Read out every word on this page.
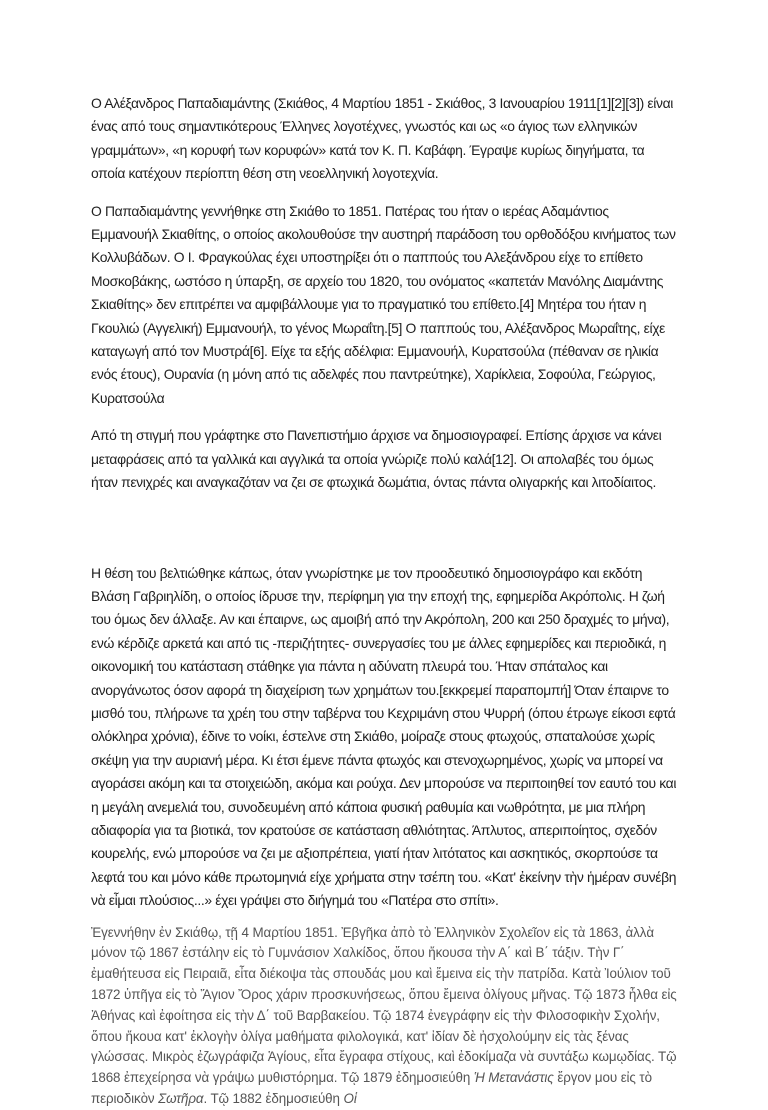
Ο Αλέξανδρος Παπαδιαμάντης (Σκιάθος, 4 Μαρτίου 1851 - Σκιάθος, 3 Ιανουαρίου 1911[1][2][3]) είναι ένας από τους σημαντικότερους Έλληνες λογοτέχνες, γνωστός και ως «ο άγιος των ελληνικών γραμμάτων», «η κορυφή των κορυφών» κατά τον Κ. Π. Καβάφη. Έγραψε κυρίως διηγήματα, τα οποία κατέχουν περίοπτη θέση στη νεοελληνική λογοτεχνία.

Ο Παπαδιαμάντης γεννήθηκε στη Σκιάθο το 1851. Πατέρας του ήταν ο ιερέας Αδαμάντιος Εμμανουήλ Σκιαθίτης, ο οποίος ακολουθούσε την αυστηρή παράδοση του ορθοδόξου κινήματος των Κολλυβάδων. Ο Ι. Φραγκούλας έχει υποστηρίξει ότι ο παππούς του Αλεξάνδρου είχε το επίθετο Μοσκοβάκης, ωστόσο η ύπαρξη, σε αρχείο του 1820, του ονόματος «καπετάν Μανόλης Διαμάντης Σκιαθίτης» δεν επιτρέπει να αμφιβάλλουμε για το πραγματικό του επίθετο.[4] Μητέρα του ήταν η Γκουλιώ (Αγγελική) Εμμανουήλ, το γένος Μωραΐτη.[5] Ο παππούς του, Αλέξανδρος Μωραΐτης, είχε καταγωγή από τον Μυστρά[6]. Είχε τα εξής αδέλφια: Εμμανουήλ, Κυρατσούλα (πέθαναν σε ηλικία ενός έτους), Ουρανία (η μόνη από τις αδελφές που παντρεύτηκε), Χαρίκλεια, Σοφούλα, Γεώργιος, Κυρατσούλα

Από τη στιγμή που γράφτηκε στο Πανεπιστήμιο άρχισε να δημοσιογραφεί. Επίσης άρχισε να κάνει μεταφράσεις από τα γαλλικά και αγγλικά τα οποία γνώριζε πολύ καλά[12]. Οι απολαβές του όμως ήταν πενιχρές και αναγκαζόταν να ζει σε φτωχικά δωμάτια, όντας πάντα ολιγαρκής και λιτοδίαιτος.

Η θέση του βελτιώθηκε κάπως, όταν γνωρίστηκε με τον προοδευτικό δημοσιογράφο και εκδότη Βλάση Γαβριηλίδη, ο οποίος ίδρυσε την, περίφημη για την εποχή της, εφημερίδα Ακρόπολις. Η ζωή του όμως δεν άλλαξε. Αν και έπαιρνε, ως αμοιβή από την Ακρόπολη, 200 και 250 δραχμές το μήνα), ενώ κέρδιζε αρκετά και από τις -περιζήτητες- συνεργασίες του με άλλες εφημερίδες και περιοδικά, η οικονομική του κατάσταση στάθηκε για πάντα η αδύνατη πλευρά του. Ήταν σπάταλος και ανοργάνωτος όσον αφορά τη διαχείριση των χρημάτων του.[εκκρεμεί παραπομπή] Όταν έπαιρνε το μισθό του, πλήρωνε τα χρέη του στην ταβέρνα του Κεχριμάνη στου Ψυρρή (όπου έτρωγε είκοσι εφτά ολόκληρα χρόνια), έδινε το νοίκι, έστελνε στη Σκιάθο, μοίραζε στους φτωχούς, σπαταλούσε χωρίς σκέψη για την αυριανή μέρα. Κι έτσι έμενε πάντα φτωχός και στενοχωρημένος, χωρίς να μπορεί να αγοράσει ακόμη και τα στοιχειώδη, ακόμα και ρούχα. Δεν μπορούσε να περιποιηθεί τον εαυτό του και η μεγάλη ανεμελιά του, συνοδευμένη από κάποια φυσική ραθυμία και νωθρότητα, με μια πλήρη αδιαφορία για τα βιοτικά, τον κρατούσε σε κατάσταση αθλιότητας. Άπλυτος, απεριποίητος, σχεδόν κουρελής, ενώ μπορούσε να ζει με αξιοπρέπεια, γιατί ήταν λιτότατος και ασκητικός, σκορπούσε τα λεφτά του και μόνο κάθε πρωτομηνιά είχε χρήματα στην τσέπη του. «Κατ' ἐκείνην τὴν ἡμέραν συνέβη νὰ εἶμαι πλούσιος...» έχει γράψει στο διήγημά του «Πατέρα στο σπίτι».

Ἐγεννήθην ἐν Σκιάθῳ, τῇ 4 Μαρτίου 1851. Ἐβγῆκα ἀπὸ τὸ Ἑλληνικὸν Σχολεῖον εἰς τὰ 1863, ἀλλὰ μόνον τῷ 1867 ἐστάλην εἰς τὸ Γυμνάσιον Χαλκίδος, ὅπου ἤκουσα τὴν Α΄ καὶ Β΄ τάξιν. Τὴν Γ΄ ἐμαθήτευσα εἰς Πειραιᾶ, εἶτα διέκοψα τὰς σπουδάς μου καὶ ἔμεινα εἰς τὴν πατρίδα. Κατὰ Ἰούλιον τοῦ 1872 ὑπῆγα εἰς τὸ Ἅγιον Ὄρος χάριν προσκυνήσεως, ὅπου ἔμεινα ὀλίγους μῆνας. Τῷ 1873 ἦλθα εἰς Ἀθήνας καὶ ἐφοίτησα εἰς τὴν Δ΄ τοῦ Βαρβακείου. Τῷ 1874 ἐνεγράφην εἰς τὴν Φιλοσοφικὴν Σχολήν, ὅπου ἤκουα κατ' ἐκλογὴν ὀλίγα μαθήματα φιλολογικά, κατ' ἰδίαν δὲ ἠσχολούμην εἰς τὰς ξένας γλώσσας. Μικρὸς ἐζωγράφιζα Ἁγίους, εἶτα ἔγραφα στίχους, καὶ ἐδοκίμαζα νὰ συντάξω κωμῳδίας. Τῷ 1868 ἐπεχείρησα νὰ γράψω μυθιστόρημα. Τῷ 1879 ἐδημοσιεύθη Ἡ Μετανάστις ἔργον μου εἰς τὸ περιοδικὸν Σωτῆρα. Τῷ 1882 ἐδημοσιεύθη Οἱ
